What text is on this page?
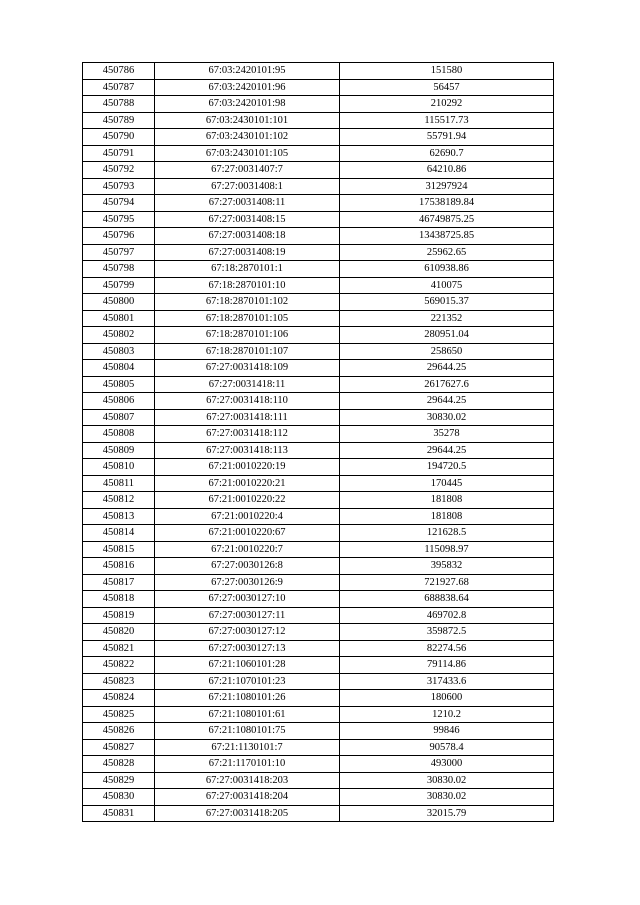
450786	67:03:2420101:95	151580
450787	67:03:2420101:96	56457
450788	67:03:2420101:98	210292
450789	67:03:2430101:101	115517.73
450790	67:03:2430101:102	55791.94
450791	67:03:2430101:105	62690.7
450792	67:27:0031407:7	64210.86
450793	67:27:0031408:1	31297924
450794	67:27:0031408:11	17538189.84
450795	67:27:0031408:15	46749875.25
450796	67:27:0031408:18	13438725.85
450797	67:27:0031408:19	25962.65
450798	67:18:2870101:1	610938.86
450799	67:18:2870101:10	410075
450800	67:18:2870101:102	569015.37
450801	67:18:2870101:105	221352
450802	67:18:2870101:106	280951.04
450803	67:18:2870101:107	258650
450804	67:27:0031418:109	29644.25
450805	67:27:0031418:11	2617627.6
450806	67:27:0031418:110	29644.25
450807	67:27:0031418:111	30830.02
450808	67:27:0031418:112	35278
450809	67:27:0031418:113	29644.25
450810	67:21:0010220:19	194720.5
450811	67:21:0010220:21	170445
450812	67:21:0010220:22	181808
450813	67:21:0010220:4	181808
450814	67:21:0010220:67	121628.5
450815	67:21:0010220:7	115098.97
450816	67:27:0030126:8	395832
450817	67:27:0030126:9	721927.68
450818	67:27:0030127:10	688838.64
450819	67:27:0030127:11	469702.8
450820	67:27:0030127:12	359872.5
450821	67:27:0030127:13	82274.56
450822	67:21:1060101:28	79114.86
450823	67:21:1070101:23	317433.6
450824	67:21:1080101:26	180600
450825	67:21:1080101:61	1210.2
450826	67:21:1080101:75	99846
450827	67:21:1130101:7	90578.4
450828	67:21:1170101:10	493000
450829	67:27:0031418:203	30830.02
450830	67:27:0031418:204	30830.02
450831	67:27:0031418:205	32015.79
